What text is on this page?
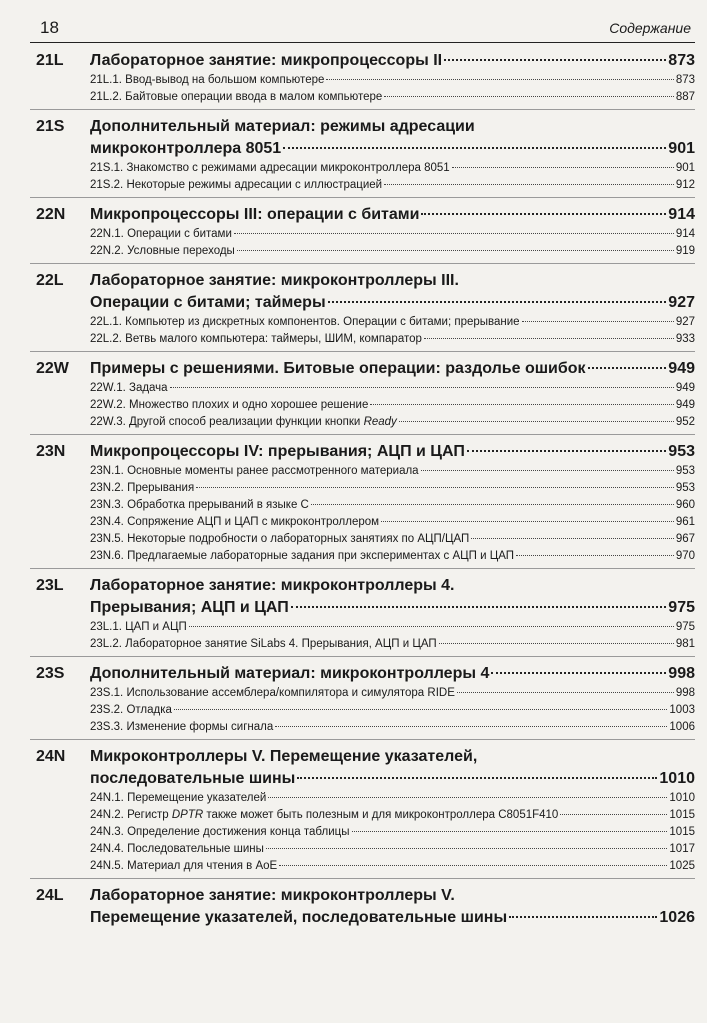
18	Содержание
21L	Лабораторное занятие: микропроцессоры II	873
21L.1. Ввод-вывод на большом компьютере	873
21L.2. Байтовые операции ввода в малом компьютере	887
21S	Дополнительный материал: режимы адресации
микроконтроллера 8051	901
21S.1. Знакомство с режимами адресации микроконтроллера 8051	901
21S.2. Некоторые режимы адресации с иллюстрацией	912
22N	Микропроцессоры III: операции с битами	914
22N.1. Операции с битами	914
22N.2. Условные переходы	919
22L	Лабораторное занятие: микроконтроллеры III.
Операции с битами; таймеры	927
22L.1. Компьютер из дискретных компонентов. Операции с битами; прерывание	927
22L.2. Ветвь малого компьютера: таймеры, ШИМ, компаратор	933
22W	Примеры с решениями. Битовые операции: раздолье ошибок	949
22W.1. Задача	949
22W.2. Множество плохих и одно хорошее решение	949
22W.3. Другой способ реализации функции кнопки Ready	952
23N	Микропроцессоры IV: прерывания; АЦП и ЦАП	953
23N.1. Основные моменты ранее рассмотренного материала	953
23N.2. Прерывания	953
23N.3. Обработка прерываний в языке С	960
23N.4. Сопряжение АЦП и ЦАП с микроконтроллером	961
23N.5. Некоторые подробности о лабораторных занятиях по АЦП/ЦАП	967
23N.6. Предлагаемые лабораторные задания при экспериментах с АЦП и ЦАП	970
23L	Лабораторное занятие: микроконтроллеры 4.
Прерывания; АЦП и ЦАП	975
23L.1. ЦАП и АЦП	975
23L.2. Лабораторное занятие SiLabs 4. Прерывания, АЦП и ЦАП	981
23S	Дополнительный материал: микроконтроллеры 4	998
23S.1. Использование ассемблера/компилятора и симулятора RIDE	998
23S.2. Отладка	1003
23S.3. Изменение формы сигнала	1006
24N	Микроконтроллеры V. Перемещение указателей,
последовательные шины	1010
24N.1. Перемещение указателей	1010
24N.2. Регистр DPTR также может быть полезным и для микроконтроллера C8051F410	1015
24N.3. Определение достижения конца таблицы	1015
24N.4. Последовательные шины	1017
24N.5. Материал для чтения в AoE	1025
24L	Лабораторное занятие: микроконтроллеры V.
Перемещение указателей, последовательные шины	1026
